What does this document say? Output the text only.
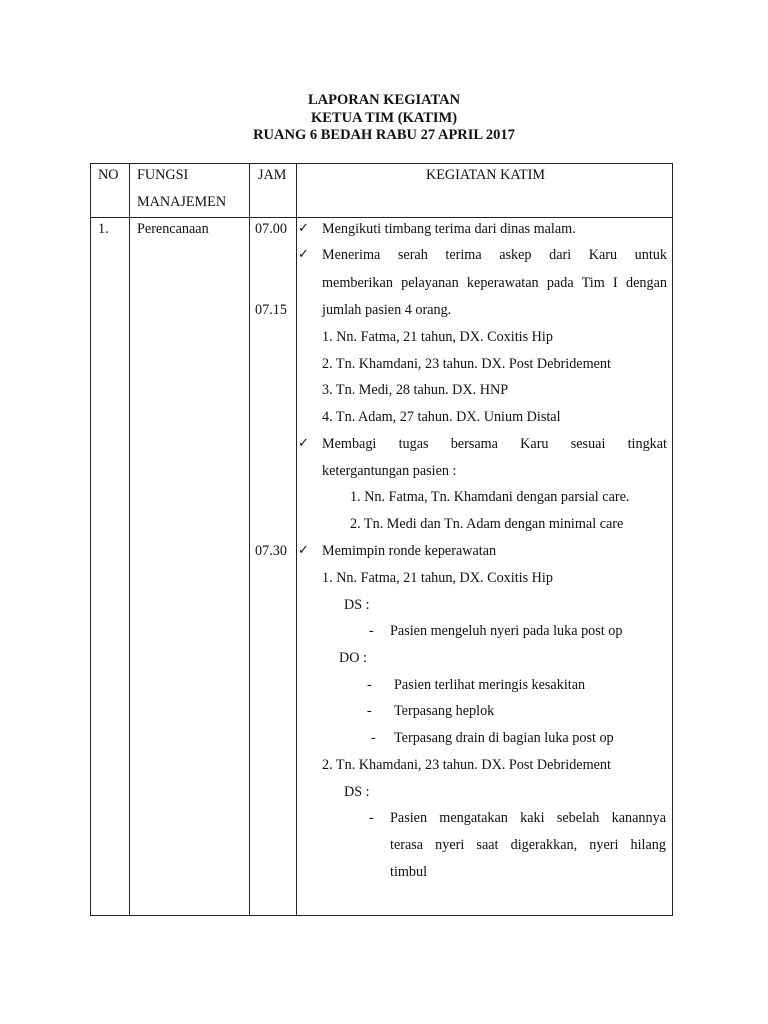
LAPORAN KEGIATAN
KETUA TIM (KATIM)
RUANG 6 BEDAH RABU 27 APRIL 2017
NO FUNGSI
MANAJEMEN
JAM	KEGIATAN KATIM
1. Perencanaan	07.00
07.15
07.30
✓
✓
✓
✓
Mengikuti timbang terima dari dinas malam.
Menerima serah terima askep dari Karu untuk
memberikan pelayanan keperawatan pada Tim I dengan
jumlah pasien 4 orang.
1. Nn. Fatma, 21 tahun, DX. Coxitis Hip
2. Tn. Khamdani, 23 tahun. DX. Post Debridement
3. Tn. Medi, 28 tahun. DX. HNP
4. Tn. Adam, 27 tahun. DX. Unium Distal
Membagi tugas bersama Karu sesuai tingkat
ketergantungan pasien :
1. Nn. Fatma, Tn. Khamdani dengan parsial care.
2. Tn. Medi dan Tn. Adam dengan minimal care
Memimpin ronde keperawatan
1. Nn. Fatma, 21 tahun, DX. Coxitis Hip
DS :
- Pasien mengeluh nyeri pada luka post op
DO :
- Pasien terlihat meringis kesakitan
- Terpasang heplok
- Terpasang drain di bagian luka post op
2. Tn. Khamdani, 23 tahun. DX. Post Debridement
DS :
- Pasien mengatakan kaki sebelah kanannya
terasa nyeri saat digerakkan, nyeri hilang
timbul
